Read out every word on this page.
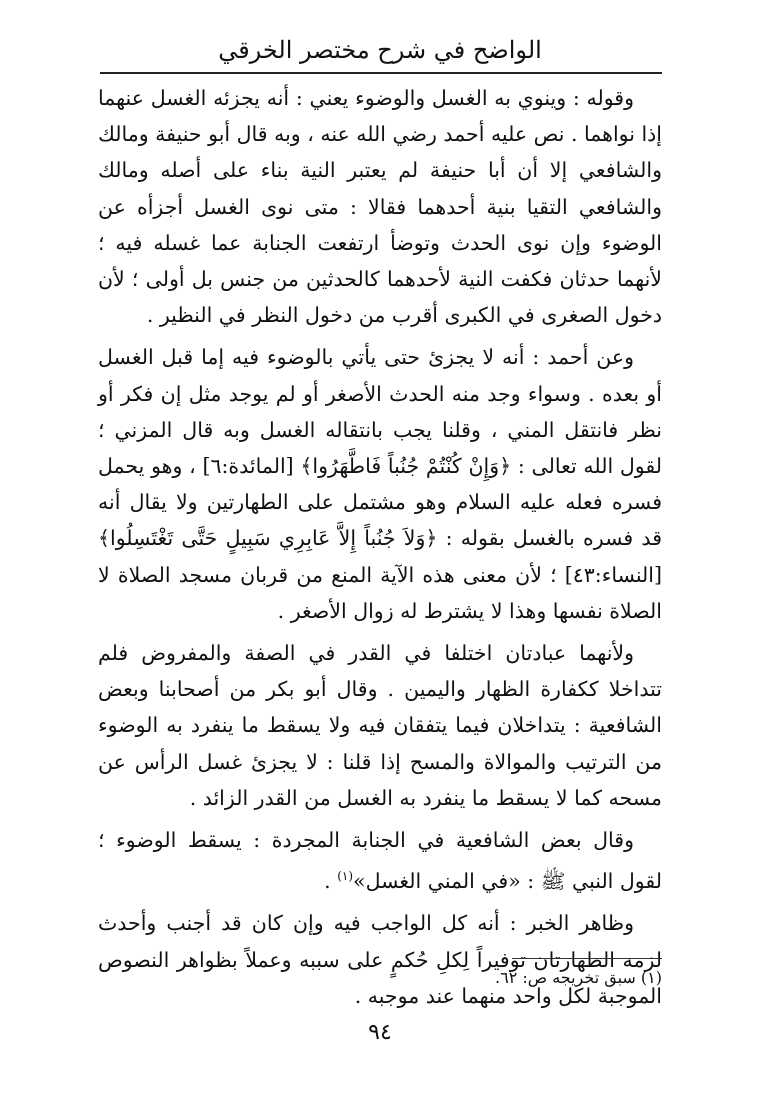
الواضح في شرح مختصر الخرقي

وقوله : وينوي به الغسل والوضوء يعني : أنه يجزئه الغسل عنهما إذا نواهما . نص عليه أحمد رضي الله عنه ، وبه قال أبو حنيفة ومالك والشافعي إلا أن أبا حنيفة لم يعتبر النية بناء على أصله ومالك والشافعي التقيا بنية أحدهما فقالا : متى نوى الغسل أجزأه عن الوضوء وإن نوى الحدث وتوضأ ارتفعت الجنابة عما غسله فيه ؛ لأنهما حدثان فكفت النية لأحدهما كالحدثين من جنس بل أولى ؛ لأن دخول الصغرى في الكبرى أقرب من دخول النظر في النظير .

وعن أحمد : أنه لا يجزئ حتى يأتي بالوضوء فيه إما قبل الغسل أو بعده . وسواء وجد منه الحدث الأصغر أو لم يوجد مثل إن فكر أو نظر فانتقل المني ، وقلنا يجب بانتقاله الغسل وبه قال المزني ؛ لقول الله تعالى : ﴿وَإِنْ كُنْتُمْ جُنُباً فَاطَّهَرُوا﴾ [المائدة:٦] ، وهو يحمل فسره فعله عليه السلام وهو مشتمل على الطهارتين ولا يقال أنه قد فسره بالغسل بقوله : ﴿وَلاَ جُنُباً إِلاَّ عَابِرِي سَبِيلٍ حَتَّى تَغْتَسِلُوا﴾ [النساء:٤٣] ؛ لأن معنى هذه الآية المنع من قربان مسجد الصلاة لا الصلاة نفسها وهذا لا يشترط له زوال الأصغر .

ولأنهما عبادتان اختلفا في القدر في الصفة والمفروض فلم تتداخلا ككفارة الظهار واليمين . وقال أبو بكر من أصحابنا وبعض الشافعية : يتداخلان فيما يتفقان فيه ولا يسقط ما ينفرد به الوضوء من الترتيب والموالاة والمسح إذا قلنا : لا يجزئ غسل الرأس عن مسحه كما لا يسقط ما ينفرد به الغسل من القدر الزائد .

وقال بعض الشافعية في الجنابة المجردة : يسقط الوضوء ؛ لقول النبي ﷺ : «في المني الغسل»$^{(١)}$ .

وظاهر الخبر : أنه كل الواجب فيه وإن كان قد أجنب وأحدث لزمه الطهارتان توفيراً لِكلِ حُكمٍ على سببه وعملاً بظواهر النصوص الموجبة لكل واحد منهما عند موجبه .

(١) سبق تخريجه ص: ٦٢.
٩٤
